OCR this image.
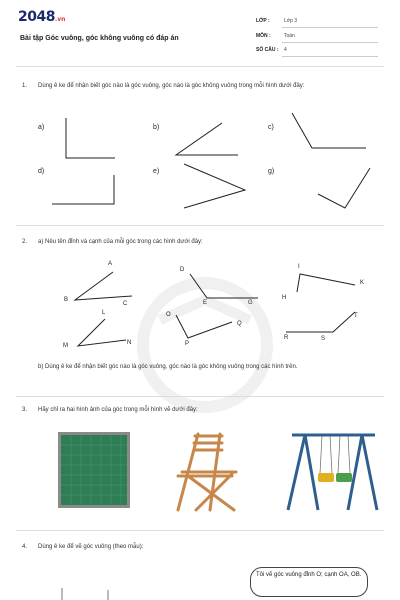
2048.vn
Bài tập Góc vuông, góc không vuông có đáp án
LỚP :	Lớp 3
MÔN :	Toán
SỐ CÂU : 4
1. Dùng ê ke để nhận biết góc nào là góc vuông, góc nào là góc không vuông trong mỗi hình dưới đây:
a)	b)	c)
d)	e)	g)
2. a) Nêu tên đỉnh và cạnh của mỗi góc trong các hình dưới đây:
A
B
C
D
E	G
I
H
K
L
M	N
O
P
Q
R	S
T
b) Dùng ê ke để nhận biết góc nào là góc vuông, góc nào là góc không vuông trong các hình trên.
3. Hãy chỉ ra hai hình ảnh của góc trong mỗi hình vẽ dưới đây:
4. Dùng ê ke để vẽ góc vuông (theo mẫu):
Tôi vẽ góc vuông đỉnh O; cạnh OA, OB.
